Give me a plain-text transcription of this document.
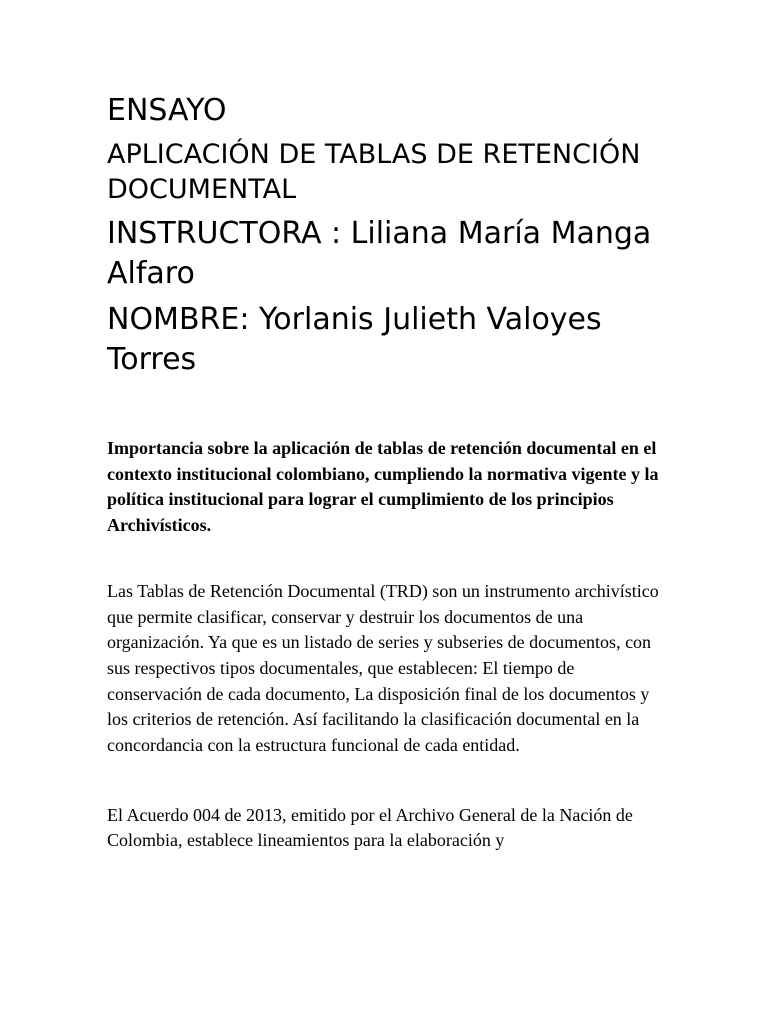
ENSAYO
APLICACIÓN DE TABLAS DE RETENCIÓN DOCUMENTAL
INSTRUCTORA : Liliana María Manga Alfaro
NOMBRE: Yorlanis Julieth Valoyes Torres

Importancia sobre la aplicación de tablas de retención documental en el contexto institucional colombiano, cumpliendo la normativa vigente y la política institucional para lograr el cumplimiento de los principios Archivísticos.

Las Tablas de Retención Documental (TRD) son un instrumento archivístico que permite clasificar, conservar y destruir los documentos de una organización. Ya que es un listado de series y subseries de documentos, con sus respectivos tipos documentales, que establecen: El tiempo de conservación de cada documento, La disposición final de los documentos y los criterios de retención. Así facilitando la clasificación documental en la concordancia con la estructura funcional de cada entidad.

El Acuerdo 004 de 2013, emitido por el Archivo General de la Nación de Colombia, establece lineamientos para la elaboración y
